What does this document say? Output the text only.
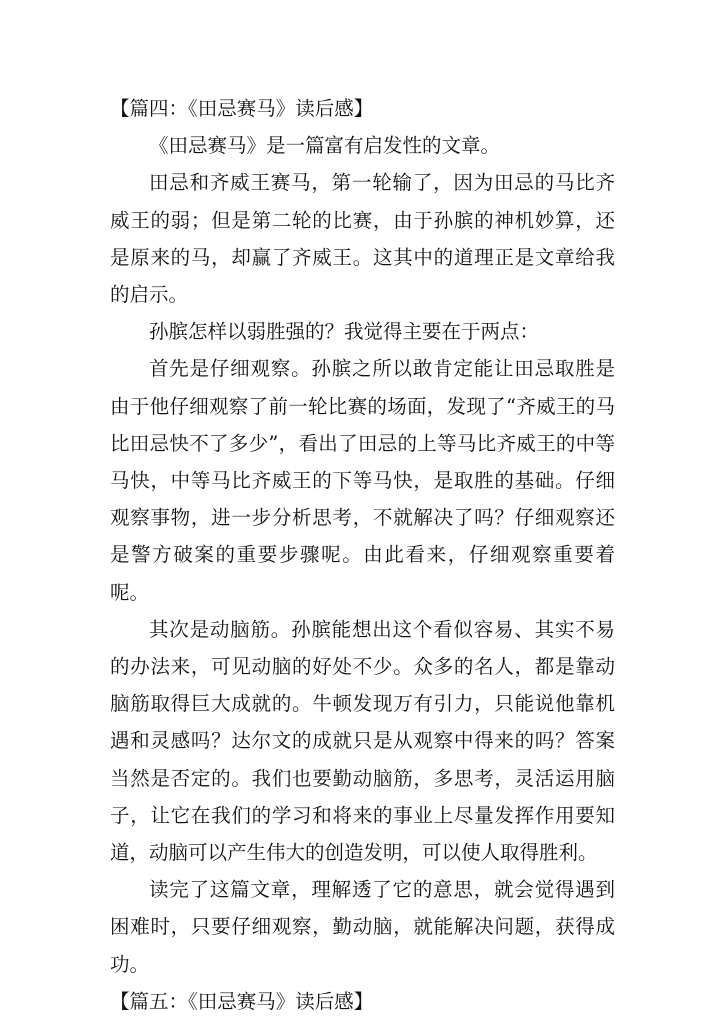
【篇四：《田忌赛马》读后感】

《田忌赛马》是一篇富有启发性的文章。

田忌和齐威王赛马，第一轮输了，因为田忌的马比齐威王的弱；但是第二轮的比赛，由于孙膑的神机妙算，还是原来的马，却赢了齐威王。这其中的道理正是文章给我的启示。

孙膑怎样以弱胜强的？我觉得主要在于两点：

首先是仔细观察。孙膑之所以敢肯定能让田忌取胜是由于他仔细观察了前一轮比赛的场面，发现了“齐威王的马比田忌快不了多少”，看出了田忌的上等马比齐威王的中等马快，中等马比齐威王的下等马快，是取胜的基础。仔细观察事物，进一步分析思考，不就解决了吗？仔细观察还是警方破案的重要步骤呢。由此看来，仔细观察重要着呢。

其次是动脑筋。孙膑能想出这个看似容易、其实不易的办法来，可见动脑的好处不少。众多的名人，都是靠动脑筋取得巨大成就的。牛顿发现万有引力，只能说他靠机遇和灵感吗？达尔文的成就只是从观察中得来的吗？答案当然是否定的。我们也要勤动脑筋，多思考，灵活运用脑子，让它在我们的学习和将来的事业上尽量发挥作用要知道，动脑可以产生伟大的创造发明，可以使人取得胜利。

读完了这篇文章，理解透了它的意思，就会觉得遇到困难时，只要仔细观察，勤动脑，就能解决问题，获得成功。

【篇五：《田忌赛马》读后感】
